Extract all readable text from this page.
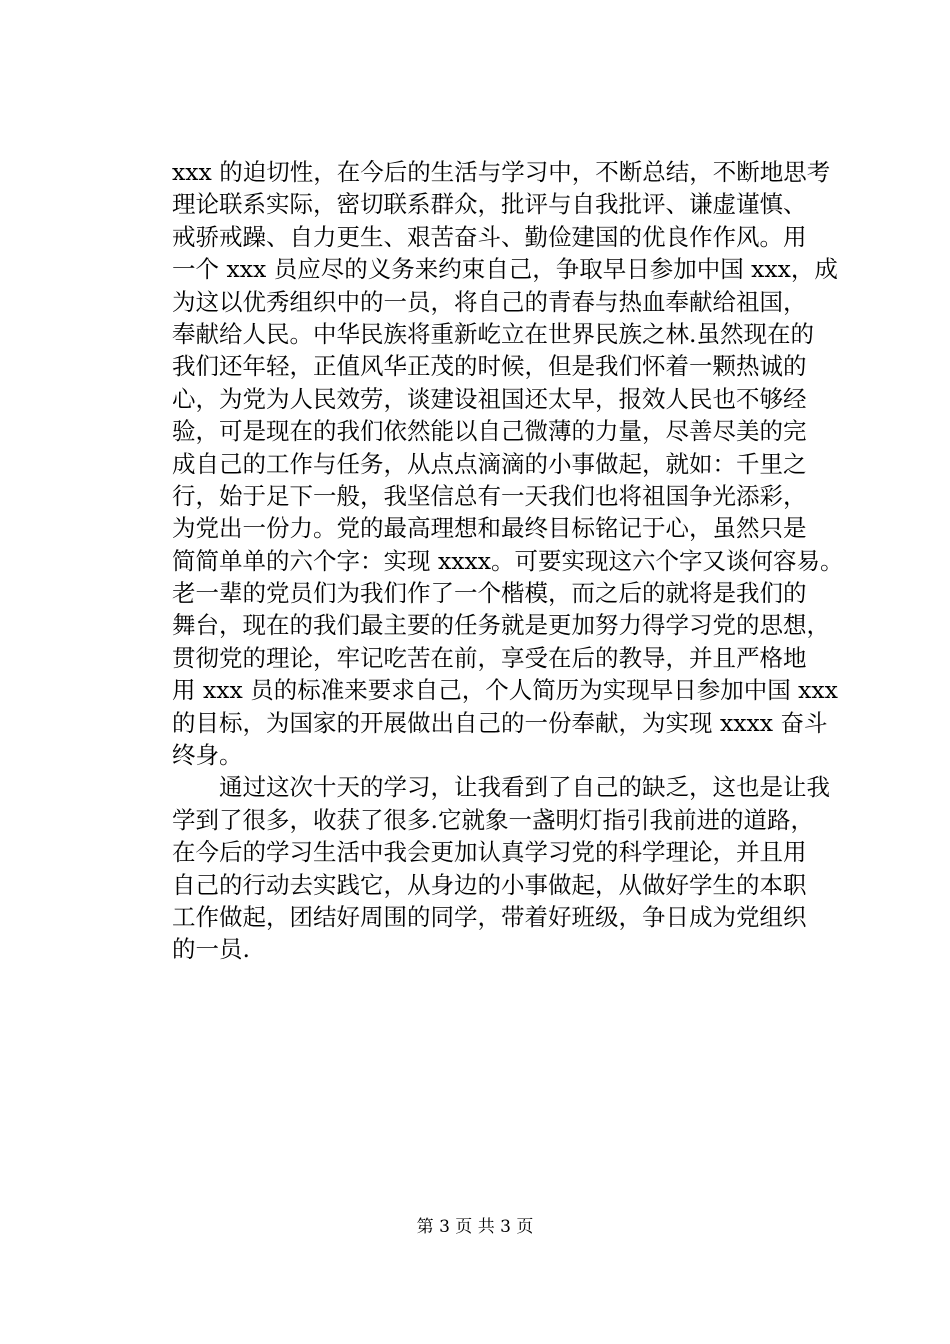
xxx 的迫切性，在今后的生活与学习中，不断总结，不断地思考
理论联系实际，密切联系群众，批评与自我批评、谦虚谨慎、
戒骄戒躁、自力更生、艰苦奋斗、勤俭建国的优良作作风。用
一个 xxx 员应尽的义务来约束自己，争取早日参加中国 xxx，成
为这以优秀组织中的一员，将自己的青春与热血奉献给祖国，
奉献给人民。中华民族将重新屹立在世界民族之林.虽然现在的
我们还年轻，正值风华正茂的时候，但是我们怀着一颗热诚的
心，为党为人民效劳，谈建设祖国还太早，报效人民也不够经
验，可是现在的我们依然能以自己微薄的力量，尽善尽美的完
成自己的工作与任务，从点点滴滴的小事做起，就如：千里之
行，始于足下一般，我坚信总有一天我们也将祖国争光添彩，
为党出一份力。党的最高理想和最终目标铭记于心，虽然只是
简简单单的六个字：实现 xxxx。可要实现这六个字又谈何容易。
老一辈的党员们为我们作了一个楷模，而之后的就将是我们的
舞台，现在的我们最主要的任务就是更加努力得学习党的思想，
贯彻党的理论，牢记吃苦在前，享受在后的教导，并且严格地
用 xxx 员的标准来要求自己，个人简历为实现早日参加中国 xxx
的目标，为国家的开展做出自己的一份奉献，为实现 xxxx 奋斗
终身。
　　通过这次十天的学习，让我看到了自己的缺乏，这也是让我
学到了很多，收获了很多.它就象一盏明灯指引我前进的道路，
在今后的学习生活中我会更加认真学习党的科学理论，并且用
自己的行动去实践它，从身边的小事做起，从做好学生的本职
工作做起，团结好周围的同学，带着好班级，争日成为党组织
的一员.
第 3 页 共 3 页
